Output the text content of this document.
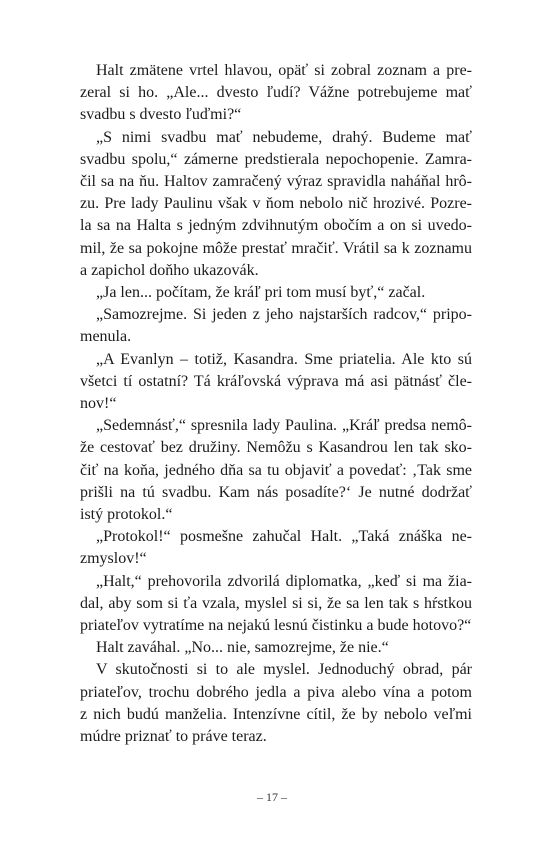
Halt zmätene vrtel hlavou, opäť si zobral zoznam a pre-
zeral si ho. „Ale... dvesto ľudí? Vážne potrebujeme mať
svadbu s dvesto ľuďmi?“

„S nimi svadbu mať nebudeme, drahý. Budeme mať
svadbu spolu,“ zámerne predstierala nepochopenie. Zamra-
čil sa na ňu. Haltov zamračený výraz spravidla naháňal hrô-
zu. Pre lady Paulinu však v ňom nebolo nič hrozivé. Pozre-
la sa na Halta s jedným zdvihnutým obočím a on si uvedo-
mil, že sa pokojne môže prestať mračiť. Vrátil sa k zoznamu
a zapichol doňho ukazovák.

„Ja len... počítam, že kráľ pri tom musí byť,“ začal.

„Samozrejme. Si jeden z jeho najstarších radcov,“ pripo-
menula.

„A Evanlyn – totiž, Kasandra. Sme priatelia. Ale kto sú
všetci tí ostatní? Tá kráľovská výprava má asi pätnásť čle-
nov!“

„Sedemnásť,“ spresnila lady Paulina. „Kráľ predsa nemô-
že cestovať bez družiny. Nemôžu s Kasandrou len tak sko-
čiť na koňa, jedného dňa sa tu objaviť a povedať: ‚Tak sme
prišli na tú svadbu. Kam nás posadíte?‘ Je nutné dodržať
istý protokol.“

„Protokol!“ posmešne zahučal Halt. „Taká znáška ne-
zmyslov!“

„Halt,“ prehovorila zdvorilá diplomatka, „keď si ma žia-
dal, aby som si ťa vzala, myslel si si, že sa len tak s hŕstkou
priateľov vytratíme na nejakú lesnú čistinku a bude hotovo?“

Halt zaváhal. „No... nie, samozrejme, že nie.“

V skutočnosti si to ale myslel. Jednoduchý obrad, pár
priateľov, trochu dobrého jedla a piva alebo vína a potom
z nich budú manželia. Intenzívne cítil, že by nebolo veľmi
múdre priznať to práve teraz.

– 17 –
